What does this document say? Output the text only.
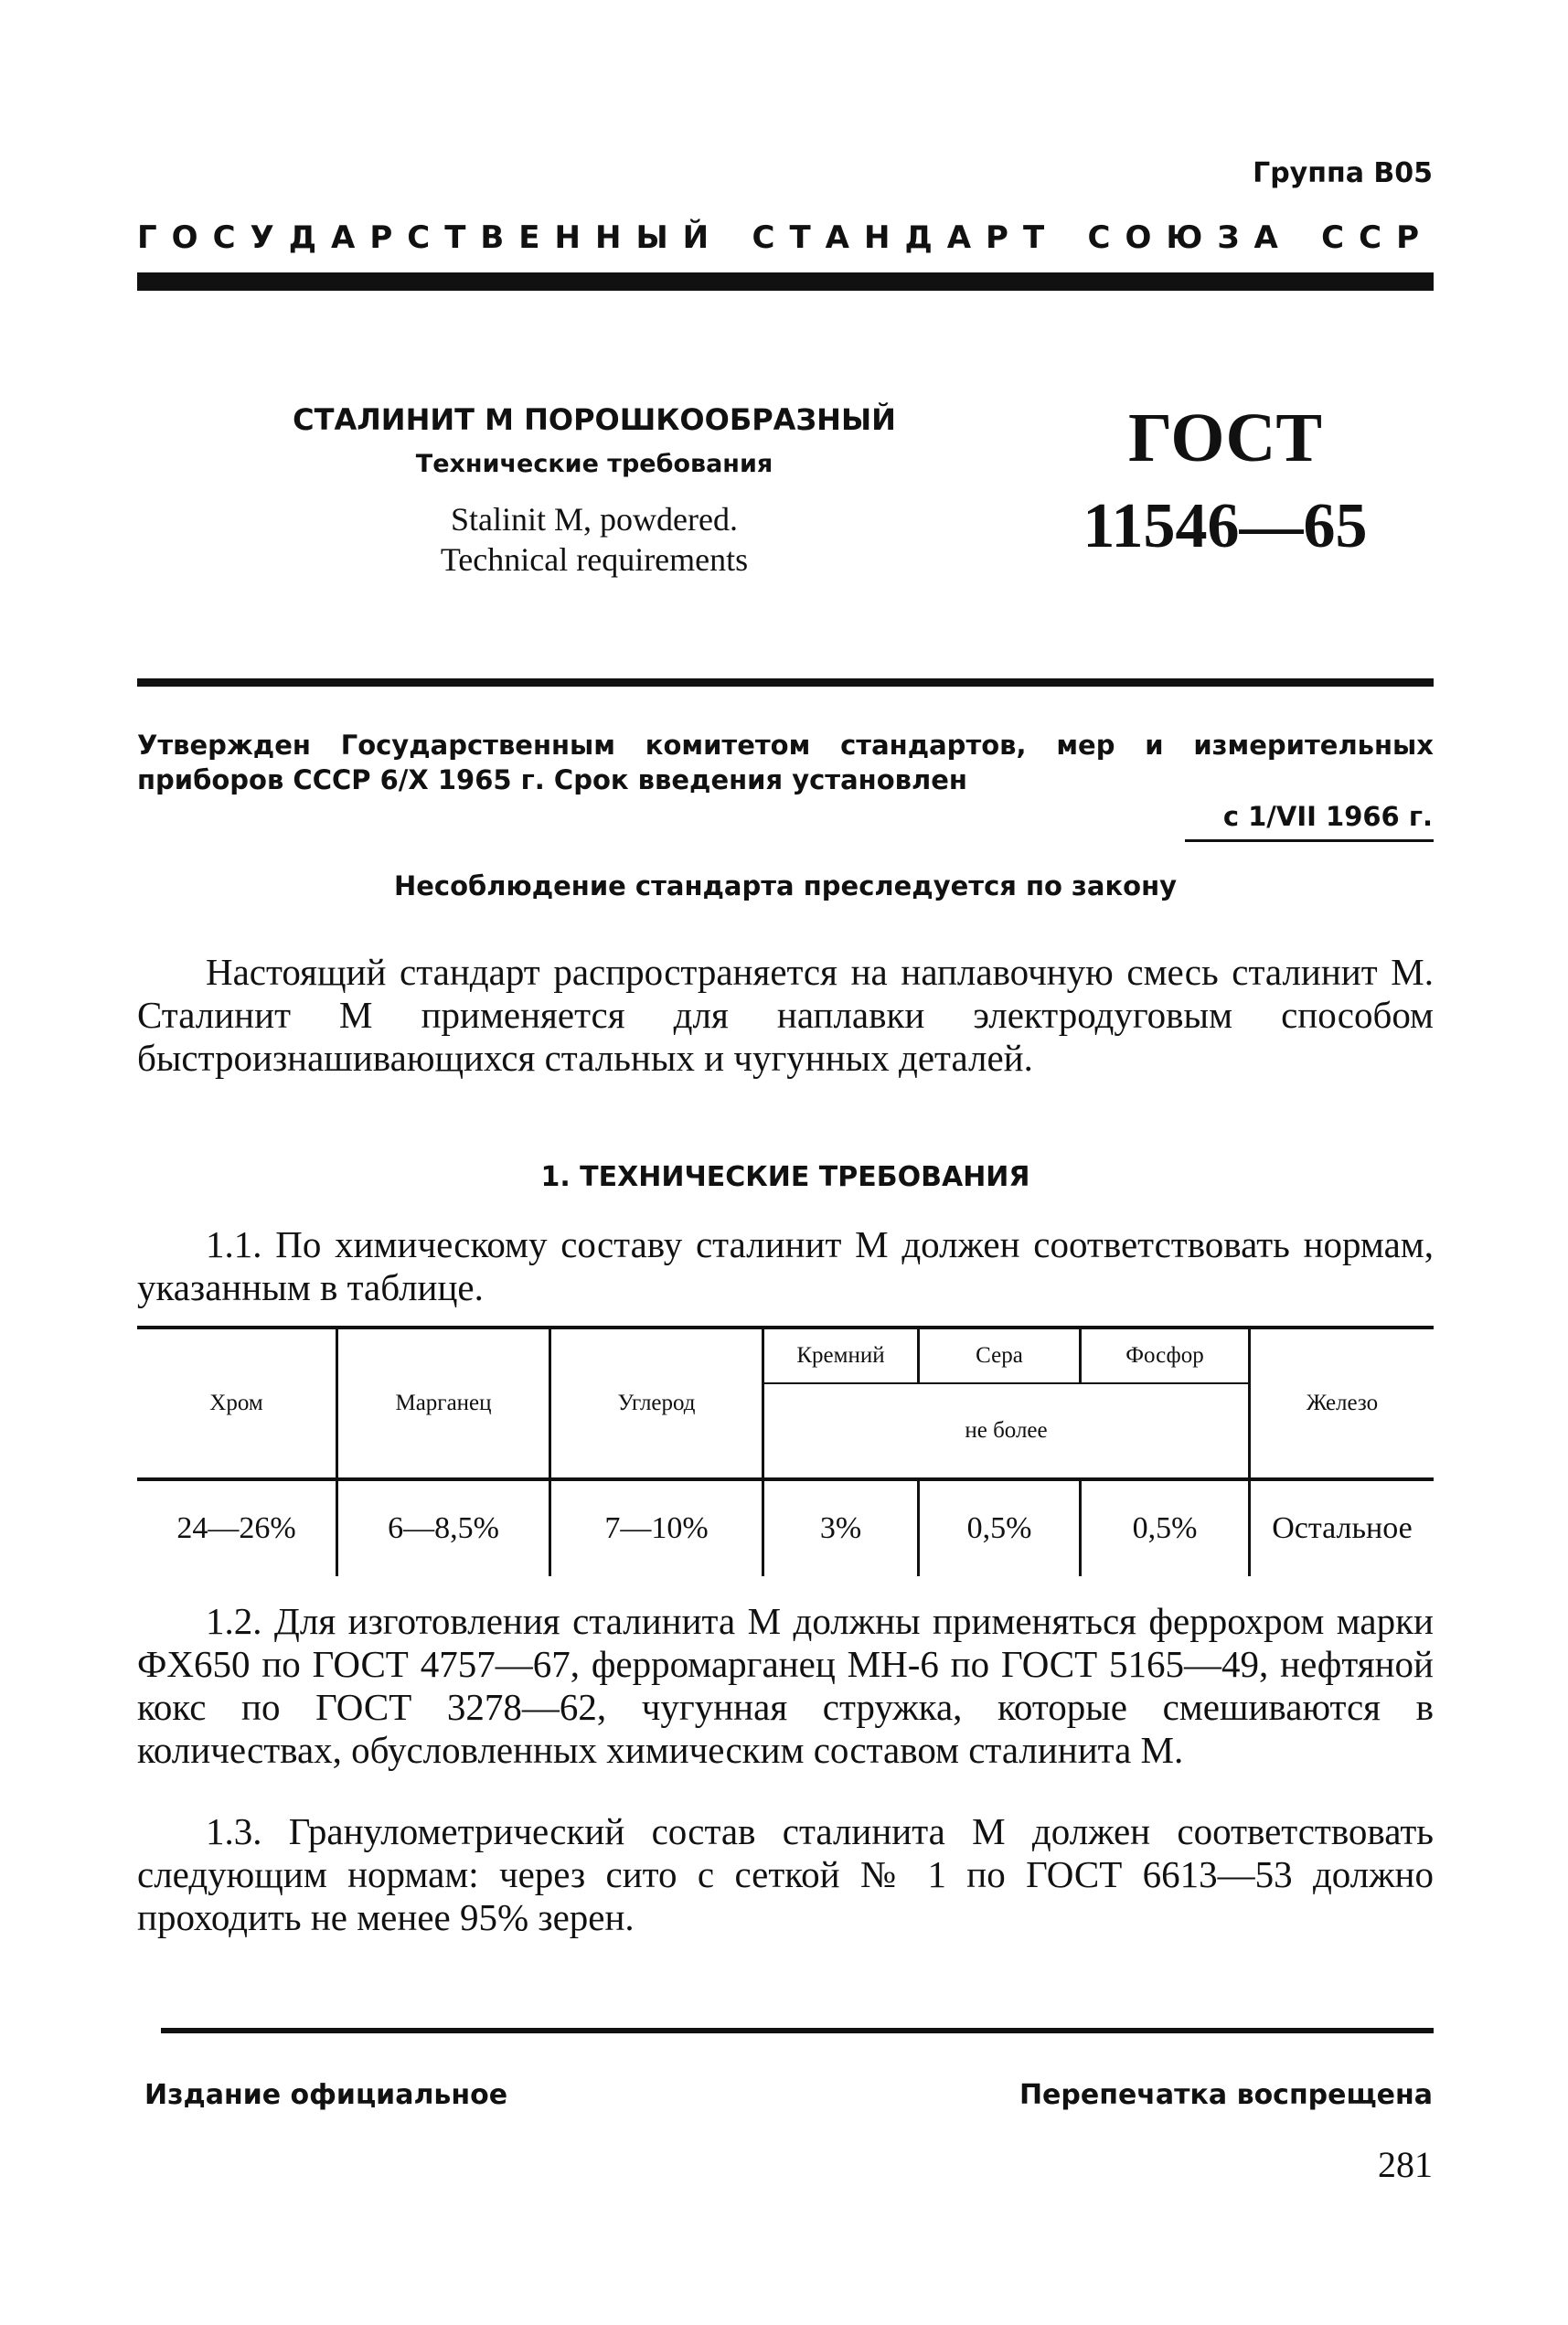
Группа В05
ГОСУДАРСТВЕННЫЙ СТАНДАРТ СОЮЗА ССР
СТАЛИНИТ М ПОРОШКООБРАЗНЫЙ
Технические требования
Stalinit M, powdered.
Technical requirements
ГОСТ
11546—65
Утвержден Государственным комитетом стандартов, мер и измерительных приборов СССР 6/X 1965 г. Срок введения установлен
с 1/VII 1966 г.
Несоблюдение стандарта преследуется по закону
Настоящий стандарт распространяется на наплавочную смесь сталинит М. Сталинит М применяется для наплавки электродуговым способом быстроизнашивающихся стальных и чугунных деталей.
1. ТЕХНИЧЕСКИЕ ТРЕБОВАНИЯ
1.1. По химическому составу сталинит М должен соответствовать нормам, указанным в таблице.
Хром	Марганец	Углерод	Кремний	Сера	Фосфор	Железо
			не более			
24—26%	6—8,5%	7—10%	3%	0,5%	0,5%	Остальное
1.2. Для изготовления сталинита М должны применяться феррохром марки ФХ650 по ГОСТ 4757—67, ферромарганец МН-6 по ГОСТ 5165—49, нефтяной кокс по ГОСТ 3278—62, чугунная стружка, которые смешиваются в количествах, обусловленных химическим составом сталинита М.
1.3. Гранулометрический состав сталинита М должен соответствовать следующим нормам: через сито с сеткой № 1 по ГОСТ 6613—53 должно проходить не менее 95% зерен.
Издание официальное	Перепечатка воспрещена
281
